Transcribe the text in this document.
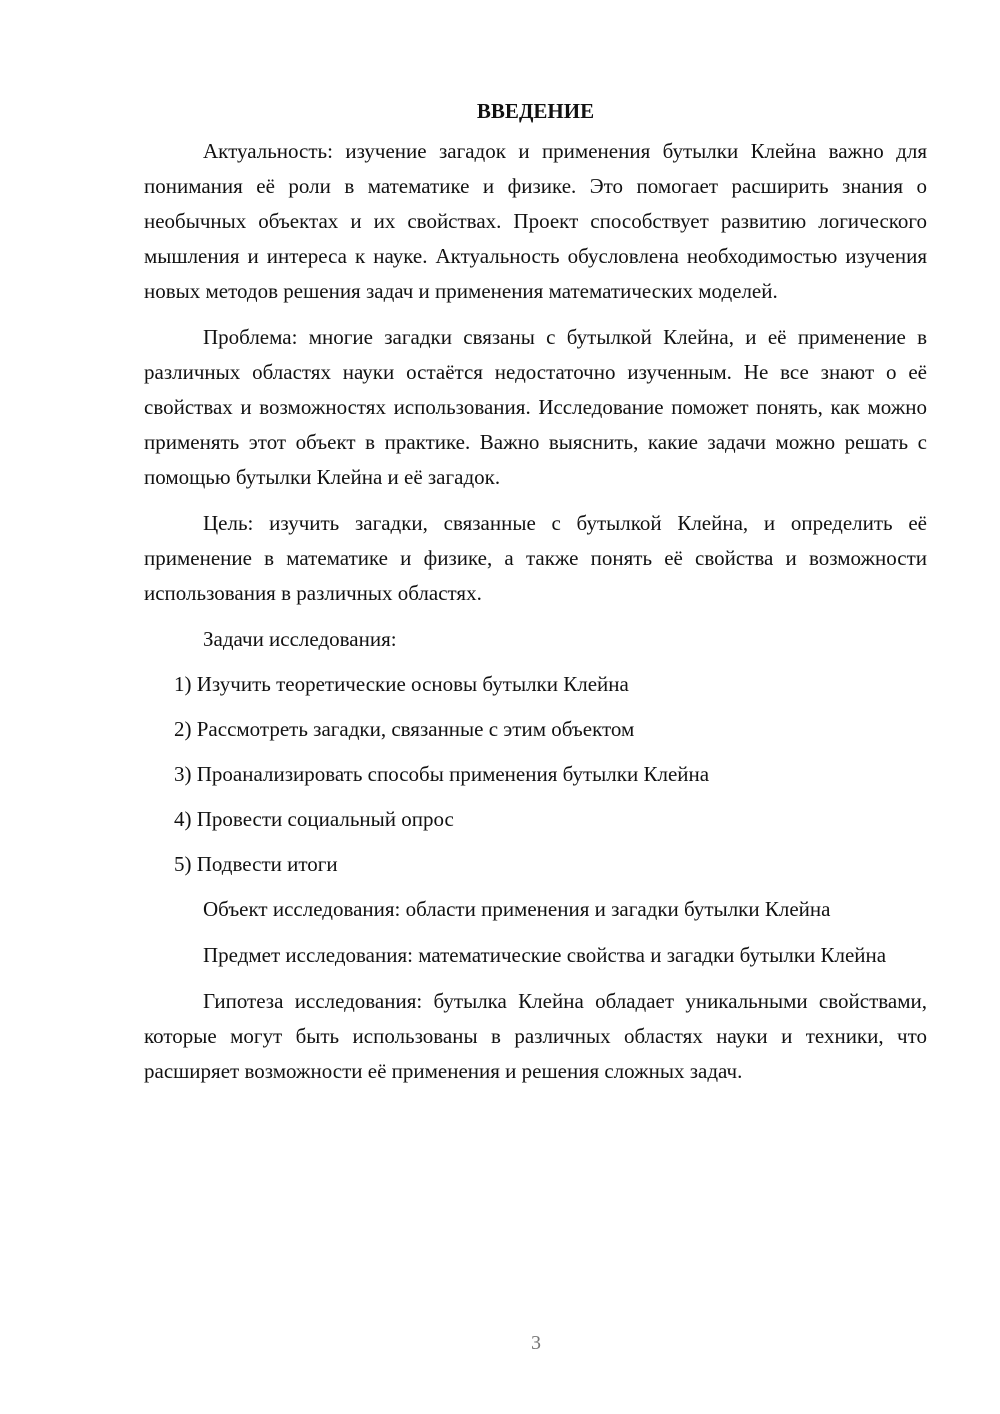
ВВЕДЕНИЕ

Актуальность: изучение загадок и применения бутылки Клейна важно для понимания её роли в математике и физике. Это помогает расширить знания о необычных объектах и их свойствах. Проект способствует развитию логического мышления и интереса к науке. Актуальность обусловлена необходимостью изучения новых методов решения задач и применения математических моделей.

Проблема: многие загадки связаны с бутылкой Клейна, и её применение в различных областях науки остаётся недостаточно изученным. Не все знают о её свойствах и возможностях использования. Исследование поможет понять, как можно применять этот объект в практике. Важно выяснить, какие задачи можно решать с помощью бутылки Клейна и её загадок.

Цель: изучить загадки, связанные с бутылкой Клейна, и определить её применение в математике и физике, а также понять её свойства и возможности использования в различных областях.

Задачи исследования:
1) Изучить теоретические основы бутылки Клейна
2) Рассмотреть загадки, связанные с этим объектом
3) Проанализировать способы применения бутылки Клейна
4) Провести социальный опрос
5) Подвести итоги

Объект исследования: области применения и загадки бутылки Клейна

Предмет исследования: математические свойства и загадки бутылки Клейна

Гипотеза исследования: бутылка Клейна обладает уникальными свойствами, которые могут быть использованы в различных областях науки и техники, что расширяет возможности её применения и решения сложных задач.

3
